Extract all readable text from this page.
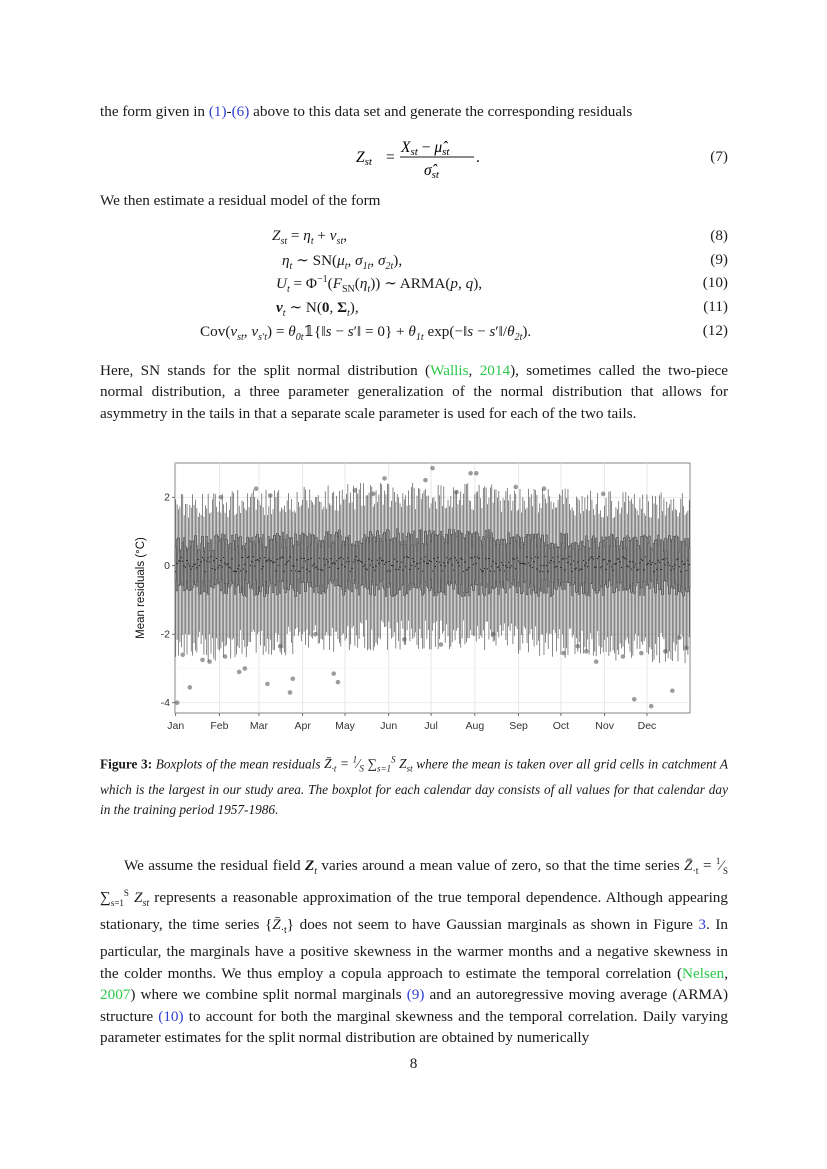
the form given in (1)-(6) above to this data set and generate the corresponding residuals

Zst =
Xst − μ̂st
σ̂st
.	(7)

We then estimate a residual model of the form

$Z_{st} = \eta_t + \nu_{st}$,	(8)
$\eta_t$ ∼ $SN(\mu_t$, $\sigma_{1t}$, $\sigma_{2t}$),	(9)
$U_t = \Phi^{-1}(F_{SN}(\eta_t))$ ∼ ARMA(p, q),	(10)
$\nu_t$ ∼ N(0, $\Sigma_t$),	(11)
$Cov(\nu_{st}$, $\nu_{s't}$) = $\theta_{0t}𝟙\{‖s$ − s′‖ = $0\} + \theta_{1t}$ exp(−‖s − $s'‖/\theta_{2t}$).	(12)

Here, SN stands for the split normal distribution (Wallis, 2014), sometimes called the two-piece normal distribution, a three parameter generalization of the normal distribution that allows for asymmetry in the tails in that a separate scale parameter is used for each of the two tails.

Mean residuals (°C)
-4
-2
0
2
Jan Feb Mar	Apr May Jun	Jul	Aug Sep Oct Nov Dec

Figure 3: Boxplots of the mean residuals $Z̄_{\cdot t}$ = $^1⁄_S$ $\sum_{s=1}^S$ $Z_{st}$ where the mean is taken over all grid cells in catchment A which is the largest in our study area. The boxplot for each calendar day consists of all values for that calendar day in the training period 1957-1986.

We assume the residual field $Z_t$ varies around a mean value of zero, so that the time series $Z̄_{\cdot t}$ = $^1⁄_S$ $\sum_{s=1}^S$ $Z_{st}$ represents a reasonable approximation of the true temporal dependence. Although appearing stationary, the time series $\{Z̄_{\cdot t}\}$ does not seem to have Gaussian marginals as shown in Figure 3. In particular, the marginals have a positive skewness in the warmer months and a negative skewness in the colder months. We thus employ a copula approach to estimate the temporal correlation (Nelsen, 2007) where we combine split normal marginals (9) and an autoregressive moving average (ARMA) structure (10) to account for both the marginal skewness and the temporal correlation. Daily varying parameter estimates for the split normal distribution are obtained by numerically

8
